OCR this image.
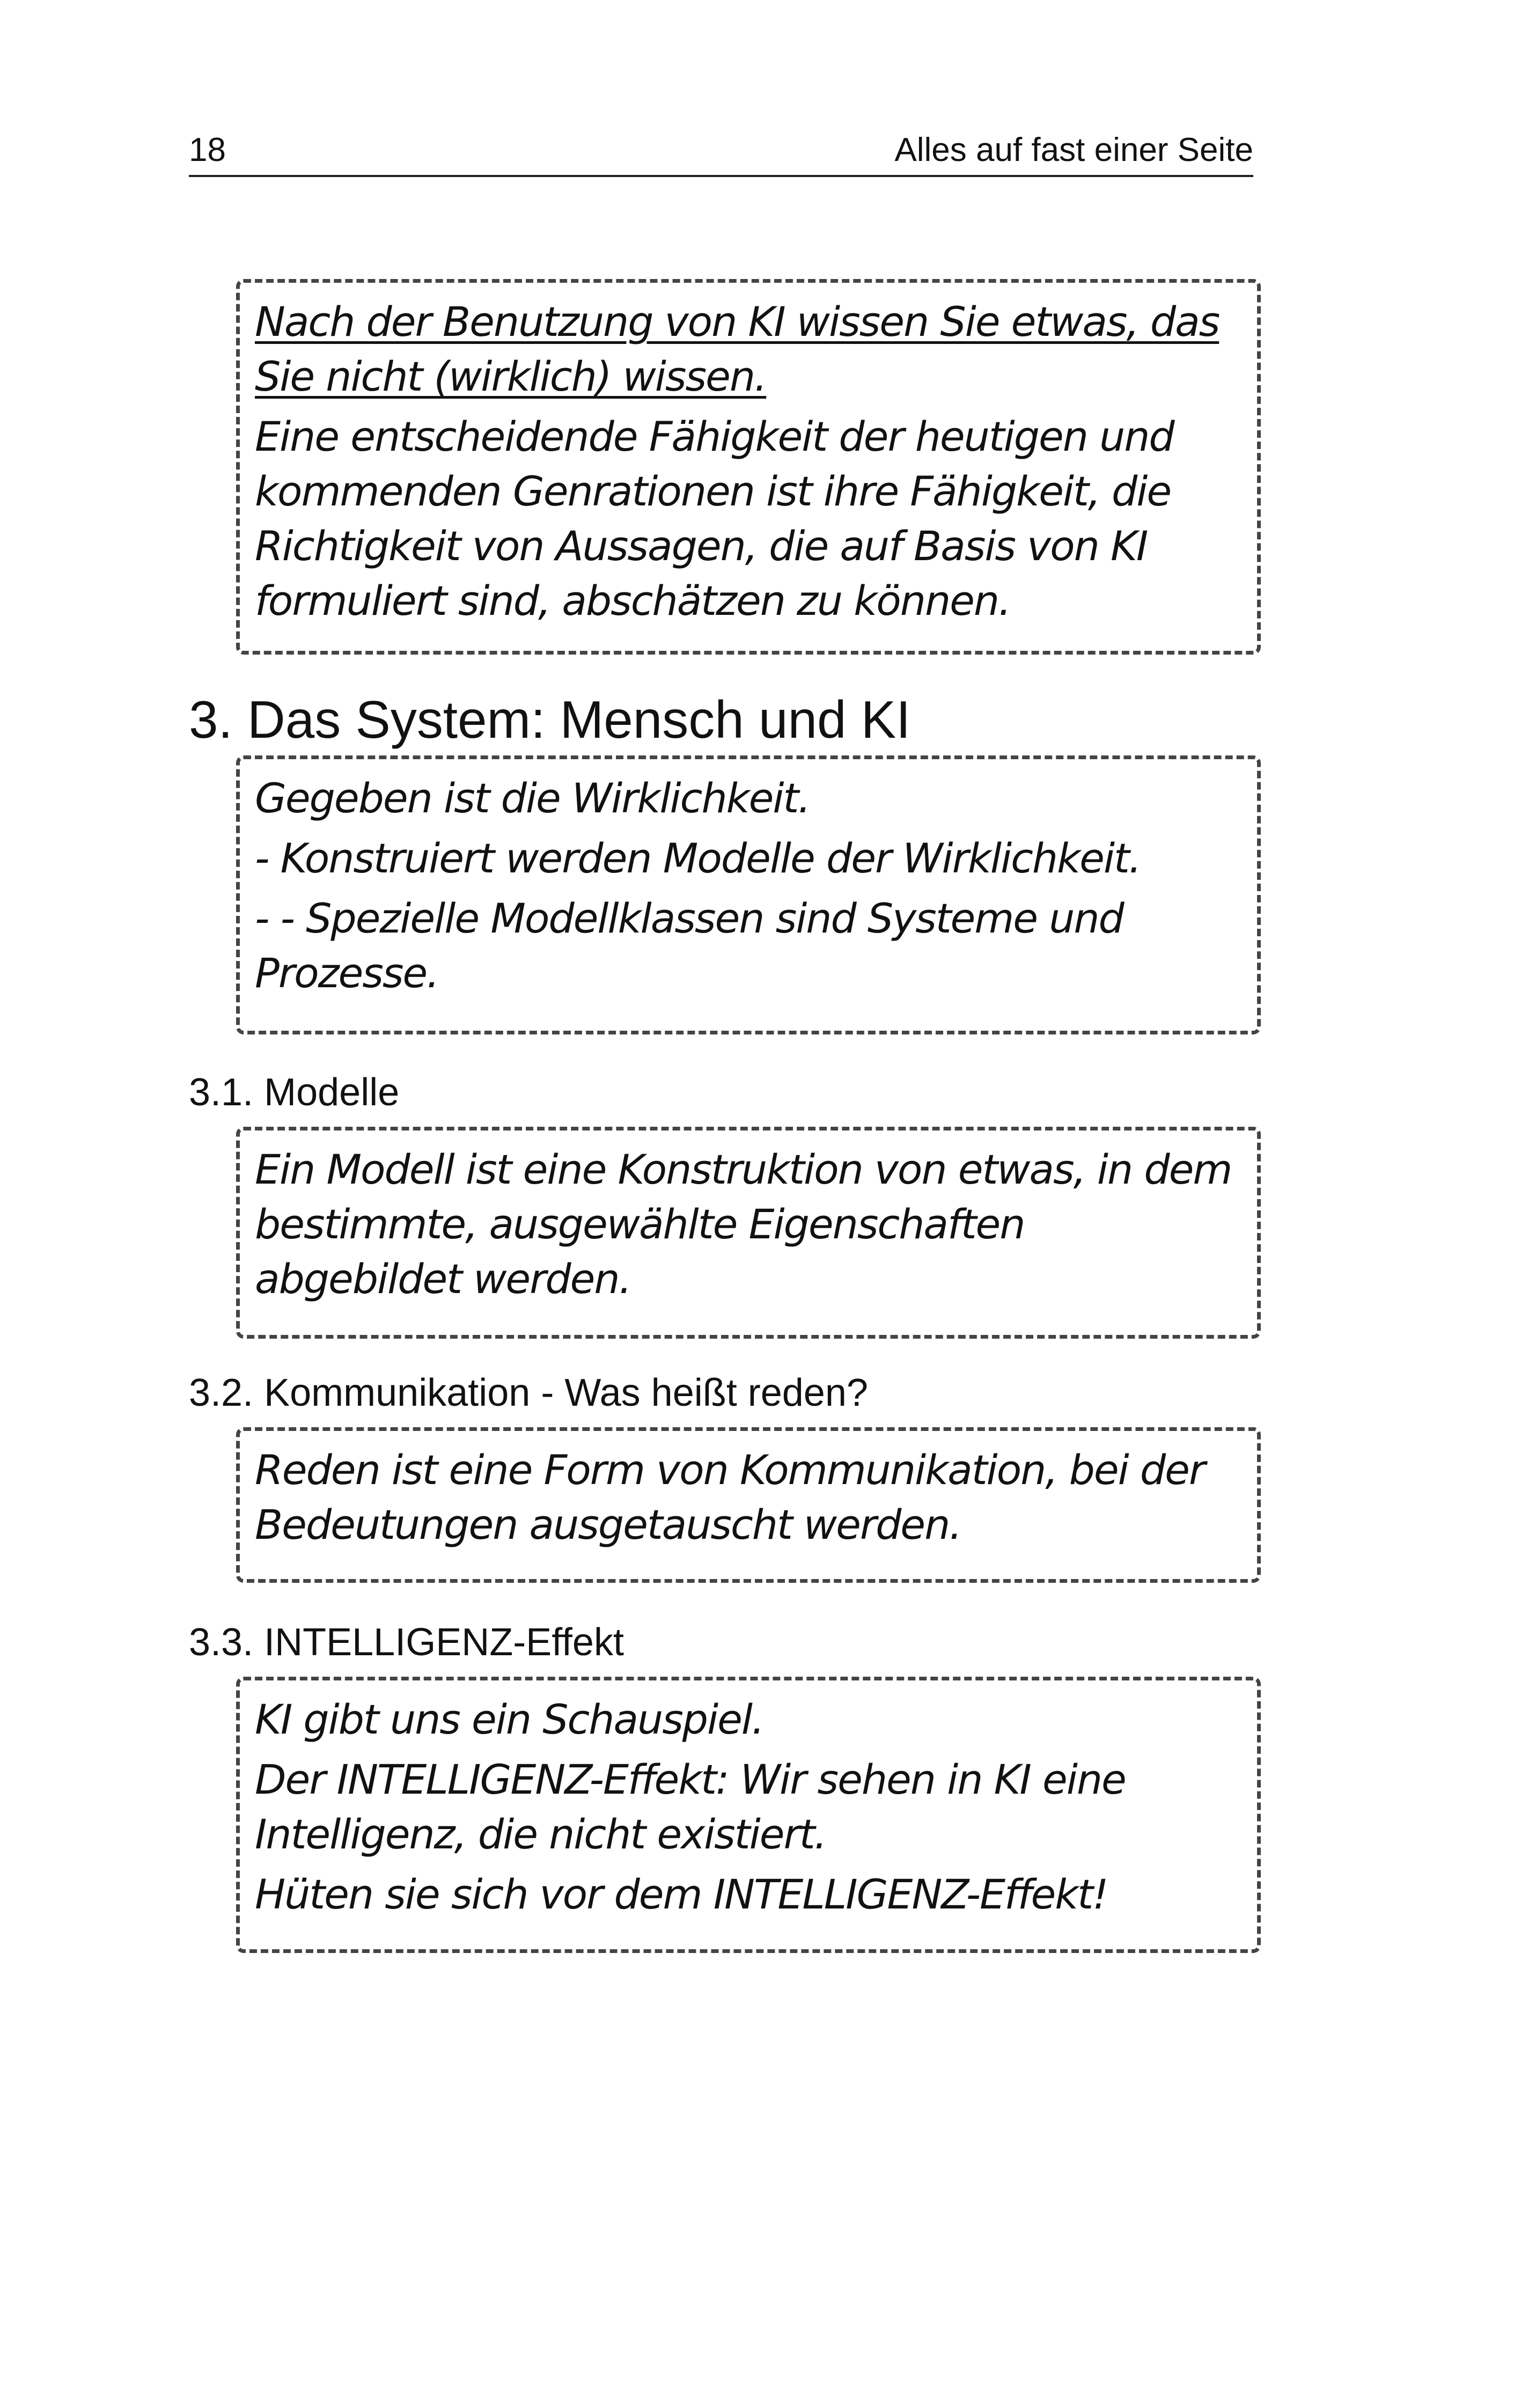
18	Alles auf fast einer Seite

Nach der Benutzung von KI wissen Sie etwas, das Sie nicht (wirklich) wissen.

Eine entscheidende Fähigkeit der heutigen und kommenden Genrationen ist ihre Fähigkeit, die Richtigkeit von Aussagen, die auf Basis von KI formuliert sind, abschätzen zu können.

3. Das System: Mensch und KI

Gegeben ist die Wirklichkeit.

- Konstruiert werden Modelle der Wirklichkeit.

- - Spezielle Modellklassen sind Systeme und Prozesse.

3.1. Modelle

Ein Modell ist eine Konstruktion von etwas, in dem bestimmte, ausgewählte Eigenschaften abgebildet werden.

3.2. Kommunikation - Was heißt reden?

Reden ist eine Form von Kommunikation, bei der Bedeutungen ausgetauscht werden.

3.3. INTELLIGENZ-Effekt

KI gibt uns ein Schauspiel.

Der INTELLIGENZ-Effekt: Wir sehen in KI eine Intelligenz, die nicht existiert.

Hüten sie sich vor dem INTELLIGENZ-Effekt!
